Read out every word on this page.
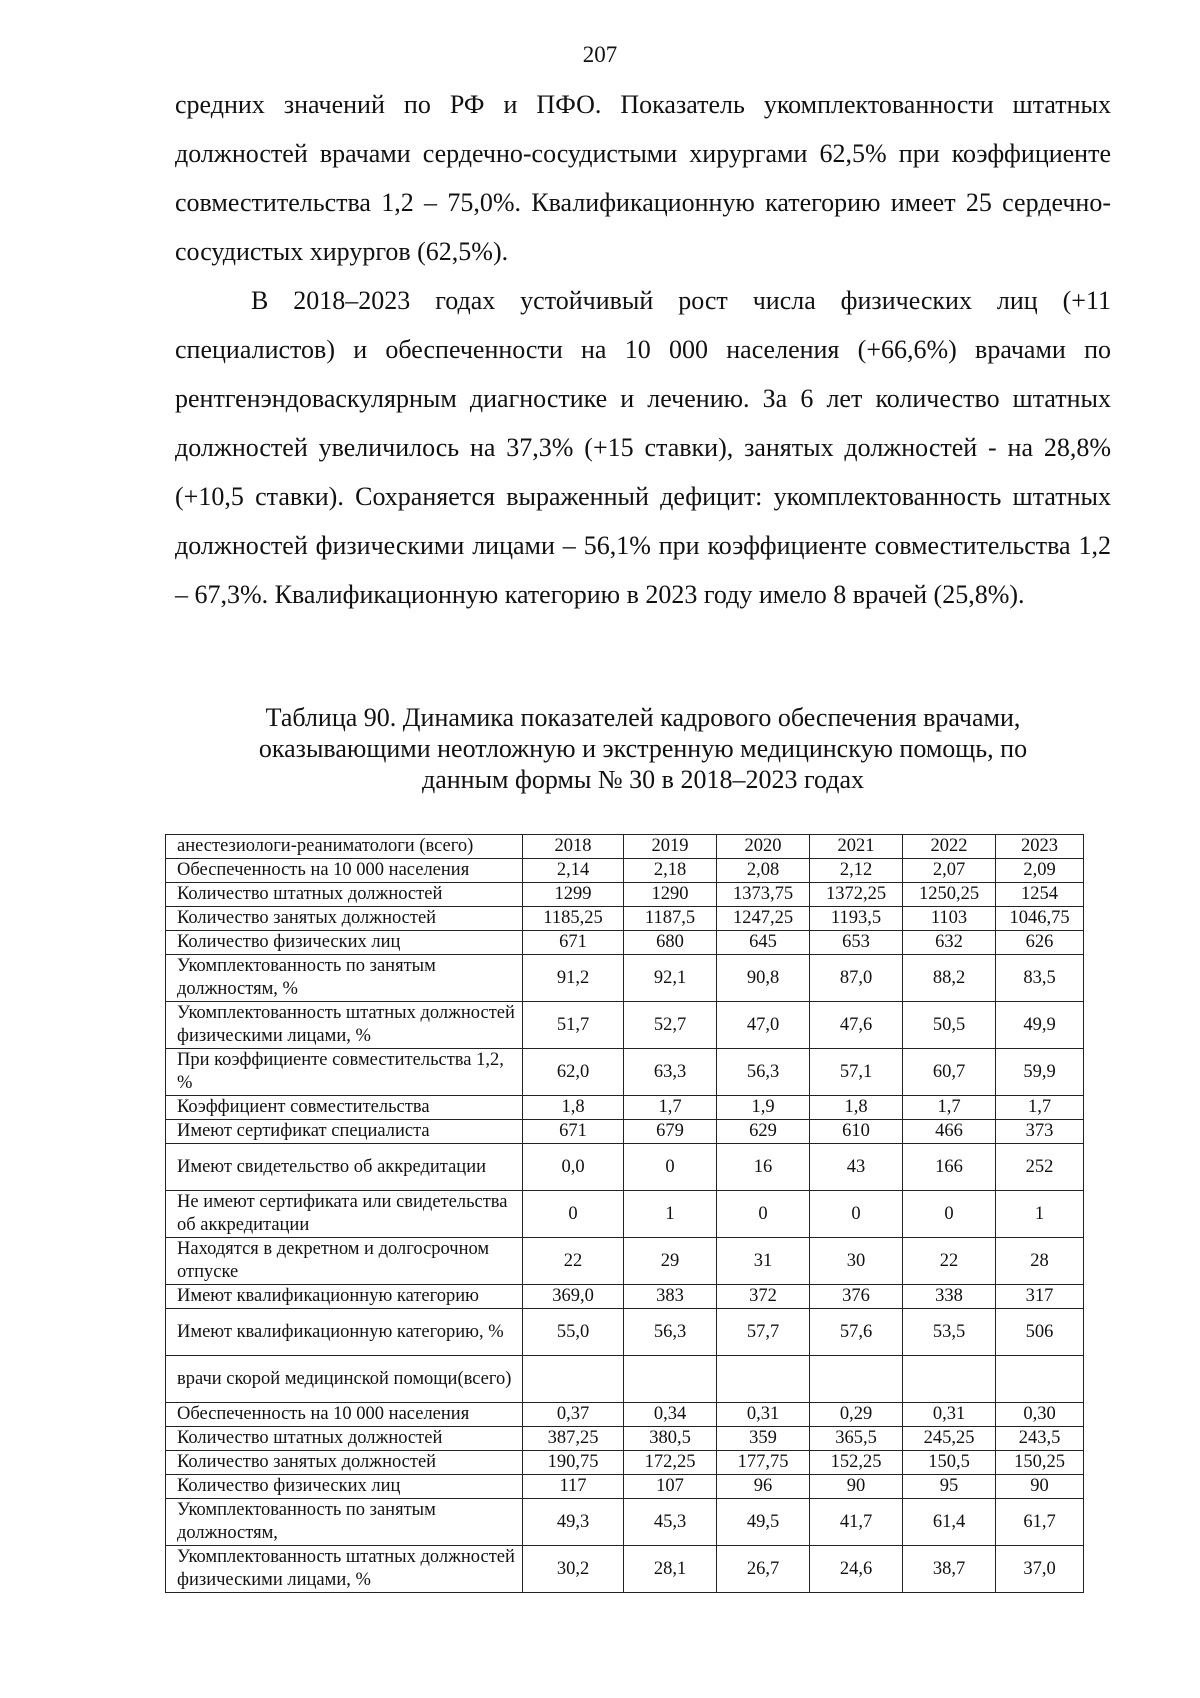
207

средних значений по РФ и ПФО. Показатель укомплектованности штатных должностей врачами сердечно-сосудистыми хирургами 62,5% при коэффициенте совместительства 1,2 – 75,0%. Квалификационную категорию имеет 25 сердечно-сосудистых хирургов (62,5%).

В 2018–2023 годах устойчивый рост числа физических лиц (+11 специалистов) и обеспеченности на 10 000 населения (+66,6%) врачами по рентгенэндоваскулярным диагностике и лечению. За 6 лет количество штатных должностей увеличилось на 37,3% (+15 ставки), занятых должностей - на 28,8% (+10,5 ставки). Сохраняется выраженный дефицит: укомплектованность штатных должностей физическими лицами – 56,1% при коэффициенте совместительства 1,2 – 67,3%. Квалификационную категорию в 2023 году имело 8 врачей (25,8%).

Таблица 90. Динамика показателей кадрового обеспечения врачами,
оказывающими неотложную и экстренную медицинскую помощь, по
данным формы № 30 в 2018–2023 годах
анестезиологи-реаниматологи (всего)	2018	2019	2020	2021	2022	2023
Обеспеченность на 10 000 населения	2,14	2,18	2,08	2,12	2,07	2,09
Количество штатных должностей	1299	1290	1373,75	1372,25	1250,25	1254
Количество занятых должностей	1185,25	1187,5	1247,25	1193,5	1103	1046,75
Количество физических лиц	671	680	645	653	632	626
Укомплектованность по занятым должностям, %	91,2	92,1	90,8	87,0	88,2	83,5
Укомплектованность штатных должностей физическими лицами, %	51,7	52,7	47,0	47,6	50,5	49,9
При коэффициенте совместительства 1,2, %	62,0	63,3	56,3	57,1	60,7	59,9
Коэффициент совместительства	1,8	1,7	1,9	1,8	1,7	1,7
Имеют сертификат специалиста	671	679	629	610	466	373
Имеют свидетельство об аккредитации	0,0	0	16	43	166	252
Не имеют сертификата или свидетельства об аккредитации	0	1	0	0	0	1
Находятся в декретном и долгосрочном отпуске	22	29	31	30	22	28
Имеют квалификационную категорию	369,0	383	372	376	338	317
Имеют квалификационную категорию, %	55,0	56,3	57,7	57,6	53,5	506
врачи скорой медицинской помощи(всего)						
Обеспеченность на 10 000 населения	0,37	0,34	0,31	0,29	0,31	0,30
Количество штатных должностей	387,25	380,5	359	365,5	245,25	243,5
Количество занятых должностей	190,75	172,25	177,75	152,25	150,5	150,25
Количество физических лиц	117	107	96	90	95	90
Укомплектованность по занятым должностям,	49,3	45,3	49,5	41,7	61,4	61,7
Укомплектованность штатных должностей физическими лицами, %	30,2	28,1	26,7	24,6	38,7	37,0
